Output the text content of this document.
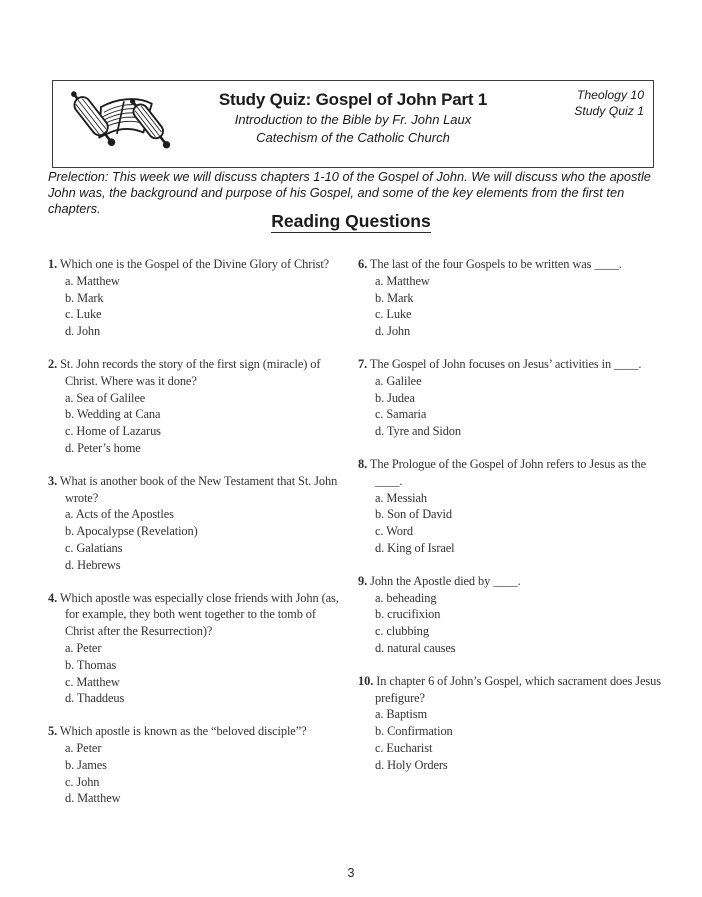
Study Quiz: Gospel of John Part 1
Introduction to the Bible by Fr. John Laux
Catechism of the Catholic Church
Theology 10
Study Quiz 1

Prelection: This week we will discuss chapters 1-10 of the Gospel of John. We will discuss who the apostle John was, the background and purpose of his Gospel, and some of the key elements from the first ten chapters.

Reading Questions

1. Which one is the Gospel of the Divine Glory of Christ?

a. Matthew
b. Mark
c. Luke
d. John

2. St. John records the story of the first sign (miracle) of Christ. Where was it done?

a. Sea of Galilee
b. Wedding at Cana
c. Home of Lazarus
d. Peter’s home

3. What is another book of the New Testament that St. John wrote?

a. Acts of the Apostles
b. Apocalypse (Revelation)
c. Galatians
d. Hebrews

4. Which apostle was especially close friends with John (as, for example, they both went together to the tomb of Christ after the Resurrection)?

a. Peter
b. Thomas
c. Matthew
d. Thaddeus

5. Which apostle is known as the “beloved disciple”?

a. Peter
b. James
c. John
d. Matthew

6. The last of the four Gospels to be written was ____.

a. Matthew
b. Mark
c. Luke
d. John

7. The Gospel of John focuses on Jesus’ activities in ____.

a. Galilee
b. Judea
c. Samaria
d. Tyre and Sidon

8. The Prologue of the Gospel of John refers to Jesus as the ____.

a. Messiah
b. Son of David
c. Word
d. King of Israel

9. John the Apostle died by ____.

a. beheading
b. crucifixion
c. clubbing
d. natural causes

10. In chapter 6 of John’s Gospel, which sacrament does Jesus prefigure?

a. Baptism
b. Confirmation
c. Eucharist
d. Holy Orders
3
